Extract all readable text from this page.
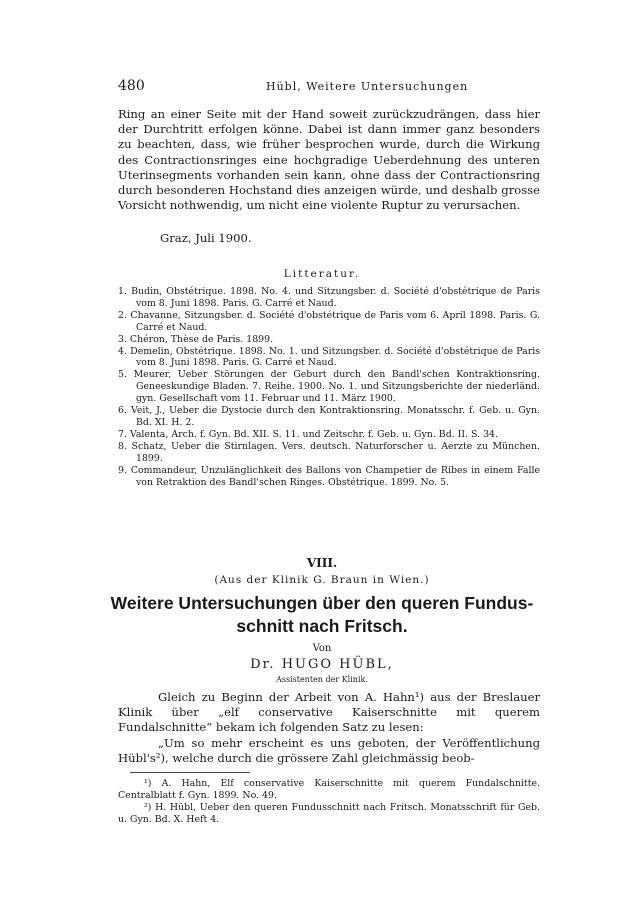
480	Hübl, Weitere Untersuchungen

Ring an einer Seite mit der Hand soweit zurückzudrängen, dass hier der Durchtritt erfolgen könne. Dabei ist dann immer ganz besonders zu beachten, dass, wie früher besprochen wurde, durch die Wirkung des Contractionsringes eine hochgradige Ueberdehnung des unteren Uterinsegments vorhanden sein kann, ohne dass der Contractionsring durch besonderen Hochstand dies anzeigen würde, und deshalb grosse Vorsicht nothwendig, um nicht eine violente Ruptur zu verursachen.

Graz, Juli 1900.
Litteratur.
1. Budin, Obstétrique. 1898. No. 4. und Sitzungsber. d. Société d'obstétrique de Paris vom 8. Juni 1898. Paris. G. Carré et Naud.
2. Chavanne, Sitzungsber. d. Société d'obstétrique de Paris vom 6. April 1898. Paris. G. Carré et Naud.
3. Chéron, Thèse de Paris. 1899.
4. Demelin, Obstétrique. 1898. No. 1. und Sitzungsber. d. Société d'obstétrique de Paris vom 8. Juni 1898. Paris. G. Carré et Naud.
5. Meurer, Ueber Störungen der Geburt durch den Bandl'schen Kontraktionsring. Geneeskundige Bladen. 7. Reihe. 1900. No. 1. und Sitzungsberichte der niederländ. gyn. Gesellschaft vom 11. Februar und 11. März 1900.
6. Veit, J., Ueber die Dystocie durch den Kontraktionsring. Monatsschr. f. Geb. u. Gyn. Bd. XI. H. 2.
7. Valenta, Arch. f. Gyn. Bd. XII. S. 11. und Zeitschr. f. Geb. u. Gyn. Bd. II. S. 34.
8. Schatz, Ueber die Stirnlagen. Vers. deutsch. Naturforscher u. Aerzte zu München. 1899.
9. Commandeur, Unzulänglichkeit des Ballons von Champetier de Ribes in einem Falle von Retraktion des Bandl'schen Ringes. Obstétrique. 1899. No. 5.
VIII.
(Aus der Klinik G. Braun in Wien.)
Weitere Untersuchungen über den queren Fundus-
schnitt nach Fritsch.
Von
Dr. HUGO HÜBL,
Assistenten der Klinik.

Gleich zu Beginn der Arbeit von A. Hahn¹) aus der Breslauer Klinik über „elf conservative Kaiserschnitte mit querem Fundalschnitte“ bekam ich folgenden Satz zu lesen:

„Um so mehr erscheint es uns geboten, der Veröffentlichung Hübl's²), welche durch die grössere Zahl gleichmässig beob-

¹) A. Hahn, Elf conservative Kaiserschnitte mit querem Fundalschnitte. Centralblatt f. Gyn. 1899. No. 49.

²) H. Hübl, Ueber den queren Fundusschnitt nach Fritsch. Monatsschrift für Geb. u. Gyn. Bd. X. Heft 4.
